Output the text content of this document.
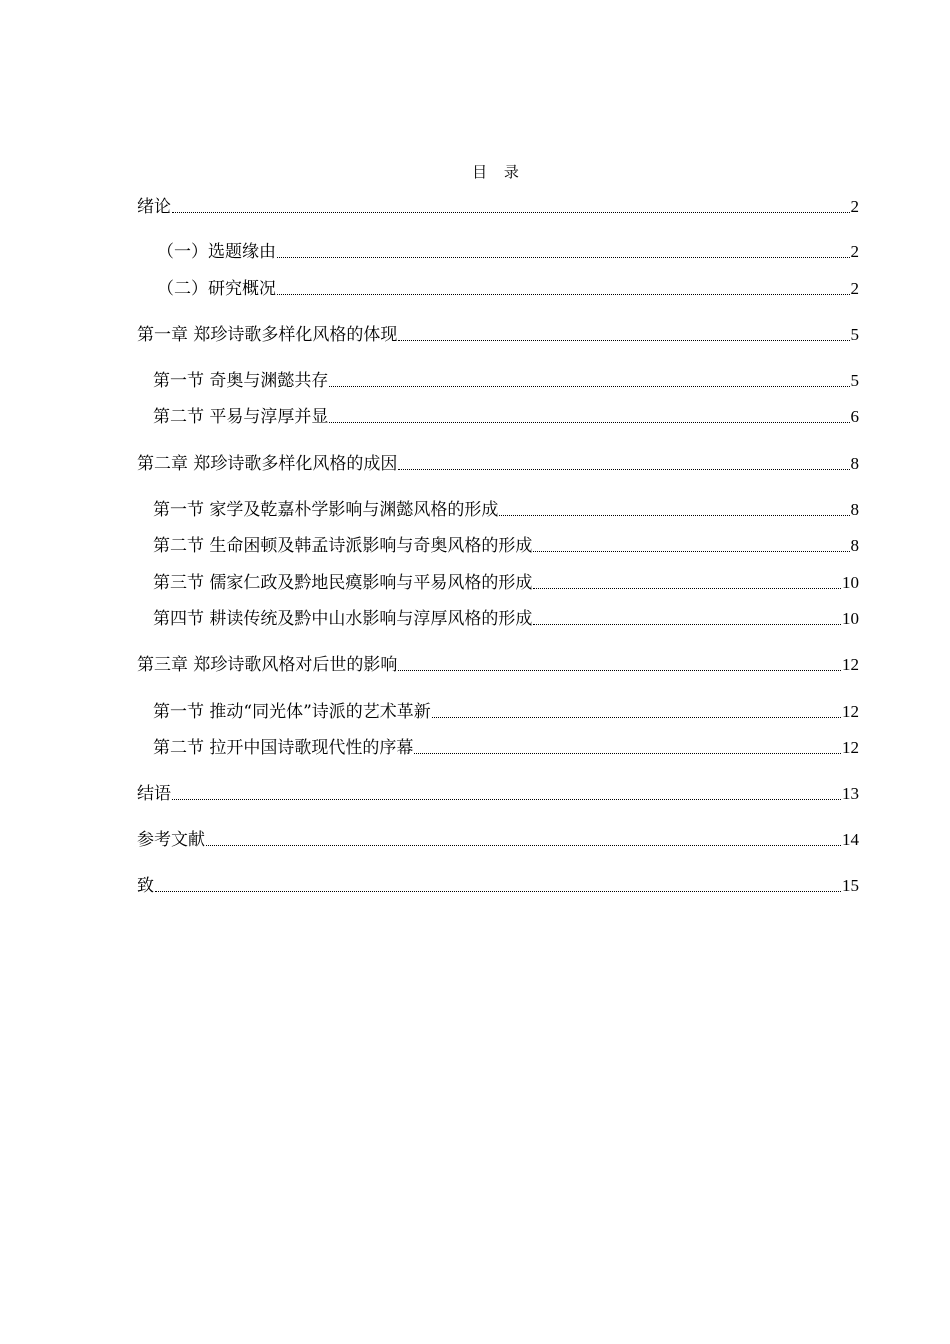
目 录
绪论	2
（一）选题缘由	2
（二）研究概况	2
第一章 郑珍诗歌多样化风格的体现	5
第一节 奇奥与渊懿共存	5
第二节 平易与淳厚并显	6
第二章 郑珍诗歌多样化风格的成因	8
第一节 家学及乾嘉朴学影响与渊懿风格的形成	8
第二节 生命困顿及韩孟诗派影响与奇奥风格的形成	8
第三节 儒家仁政及黔地民瘼影响与平易风格的形成	10
第四节 耕读传统及黔中山水影响与淳厚风格的形成	10
第三章 郑珍诗歌风格对后世的影响	12
第一节 推动“同光体”诗派的艺术革新	12
第二节 拉开中国诗歌现代性的序幕	12
结语	13
参考文献	14
致	15
